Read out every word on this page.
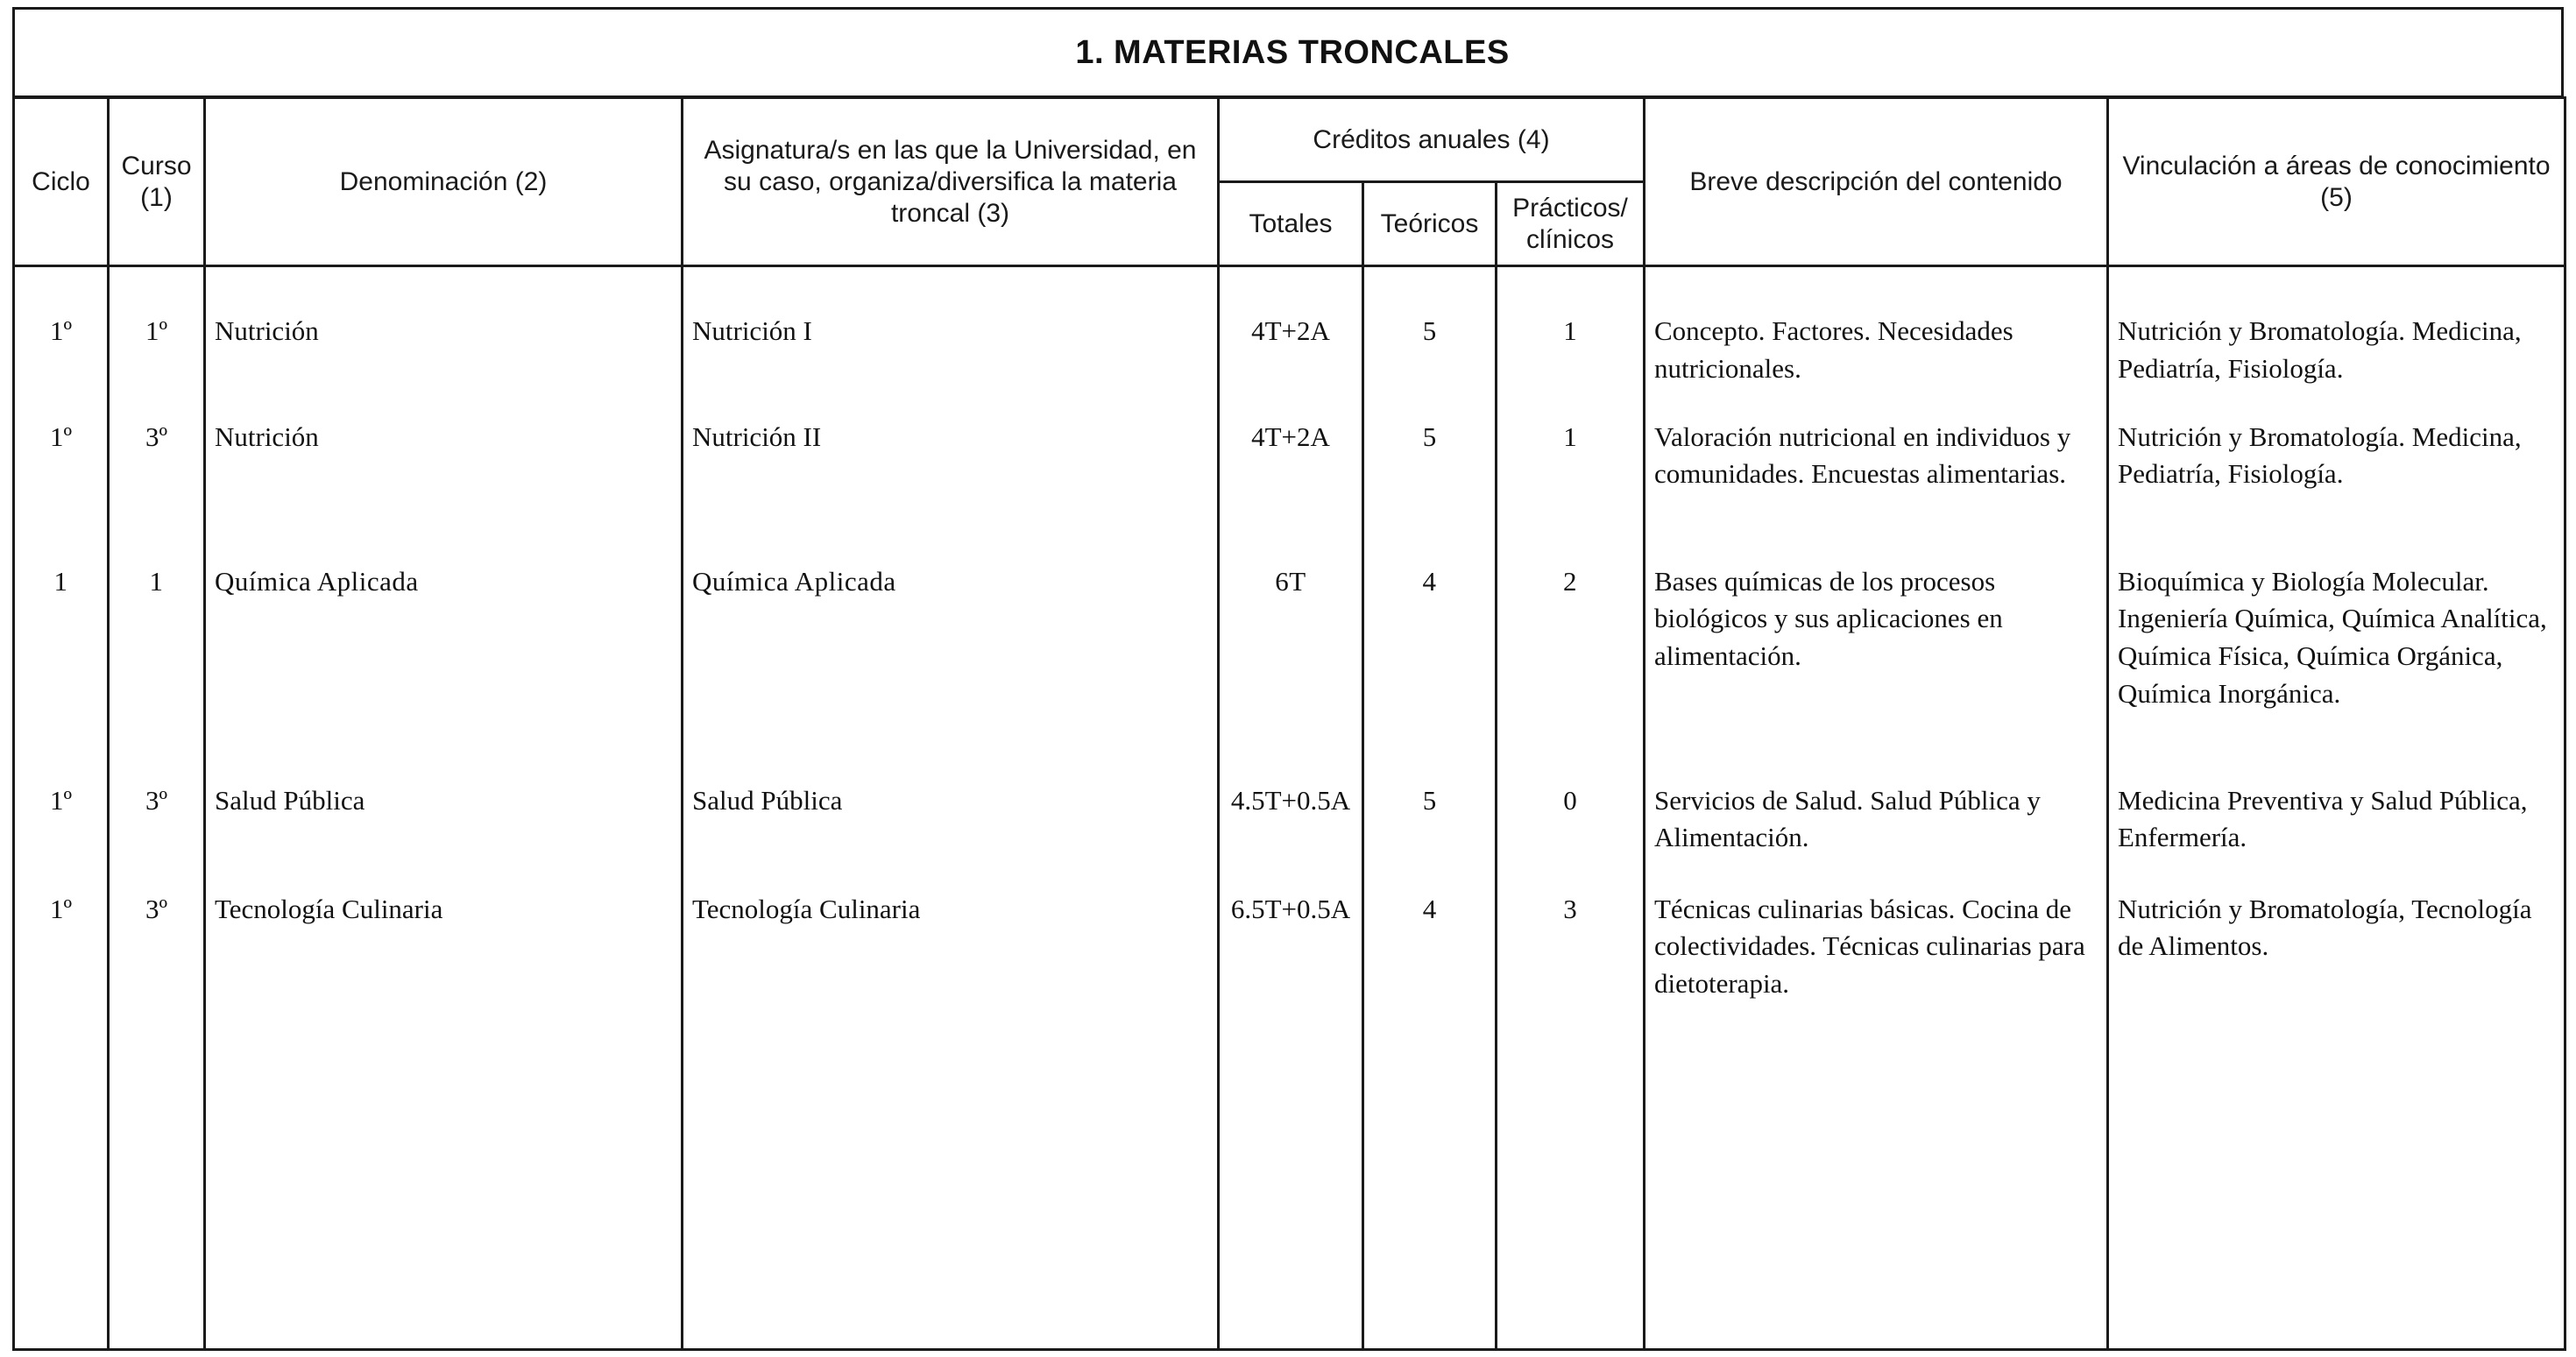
1. MATERIAS TRONCALES
Ciclo	Curso (1)	Denominación (2)	Asignatura/s en las que la Universidad, en su caso, organiza/diversifica la materia troncal (3)	Créditos anuales (4)			Breve descripción del contenido	Vinculación a áreas de conocimiento (5)
				Totales	Teóricos	Prácticos/ clínicos		
1º	1º	Nutrición	Nutrición I	4T+2A	5	1	Concepto. Factores. Necesidades nutricionales.	Nutrición y Bromatología. Medicina, Pediatría, Fisiología.
1º	3º	Nutrición	Nutrición II	4T+2A	5	1	Valoración nutricional en individuos y comunidades. Encuestas alimentarias.	Nutrición y Bromatología. Medicina, Pediatría, Fisiología.
1	1	Química Aplicada	Química Aplicada	6T	4	2	Bases químicas de los procesos biológicos y sus aplicaciones en alimentación.	Bioquímica y Biología Molecular. Ingeniería Química, Química Analítica, Química Física, Química Orgánica, Química Inorgánica.
1º	3º	Salud Pública	Salud Pública	4.5T+0.5A	5	0	Servicios de Salud. Salud Pública y Alimentación.	Medicina Preventiva y Salud Pública, Enfermería.
1º	3º	Tecnología Culinaria	Tecnología Culinaria	6.5T+0.5A	4	3	Técnicas culinarias básicas. Cocina de colectividades. Técnicas culinarias para dietoterapia.	Nutrición y Bromatología, Tecnología de Alimentos.
